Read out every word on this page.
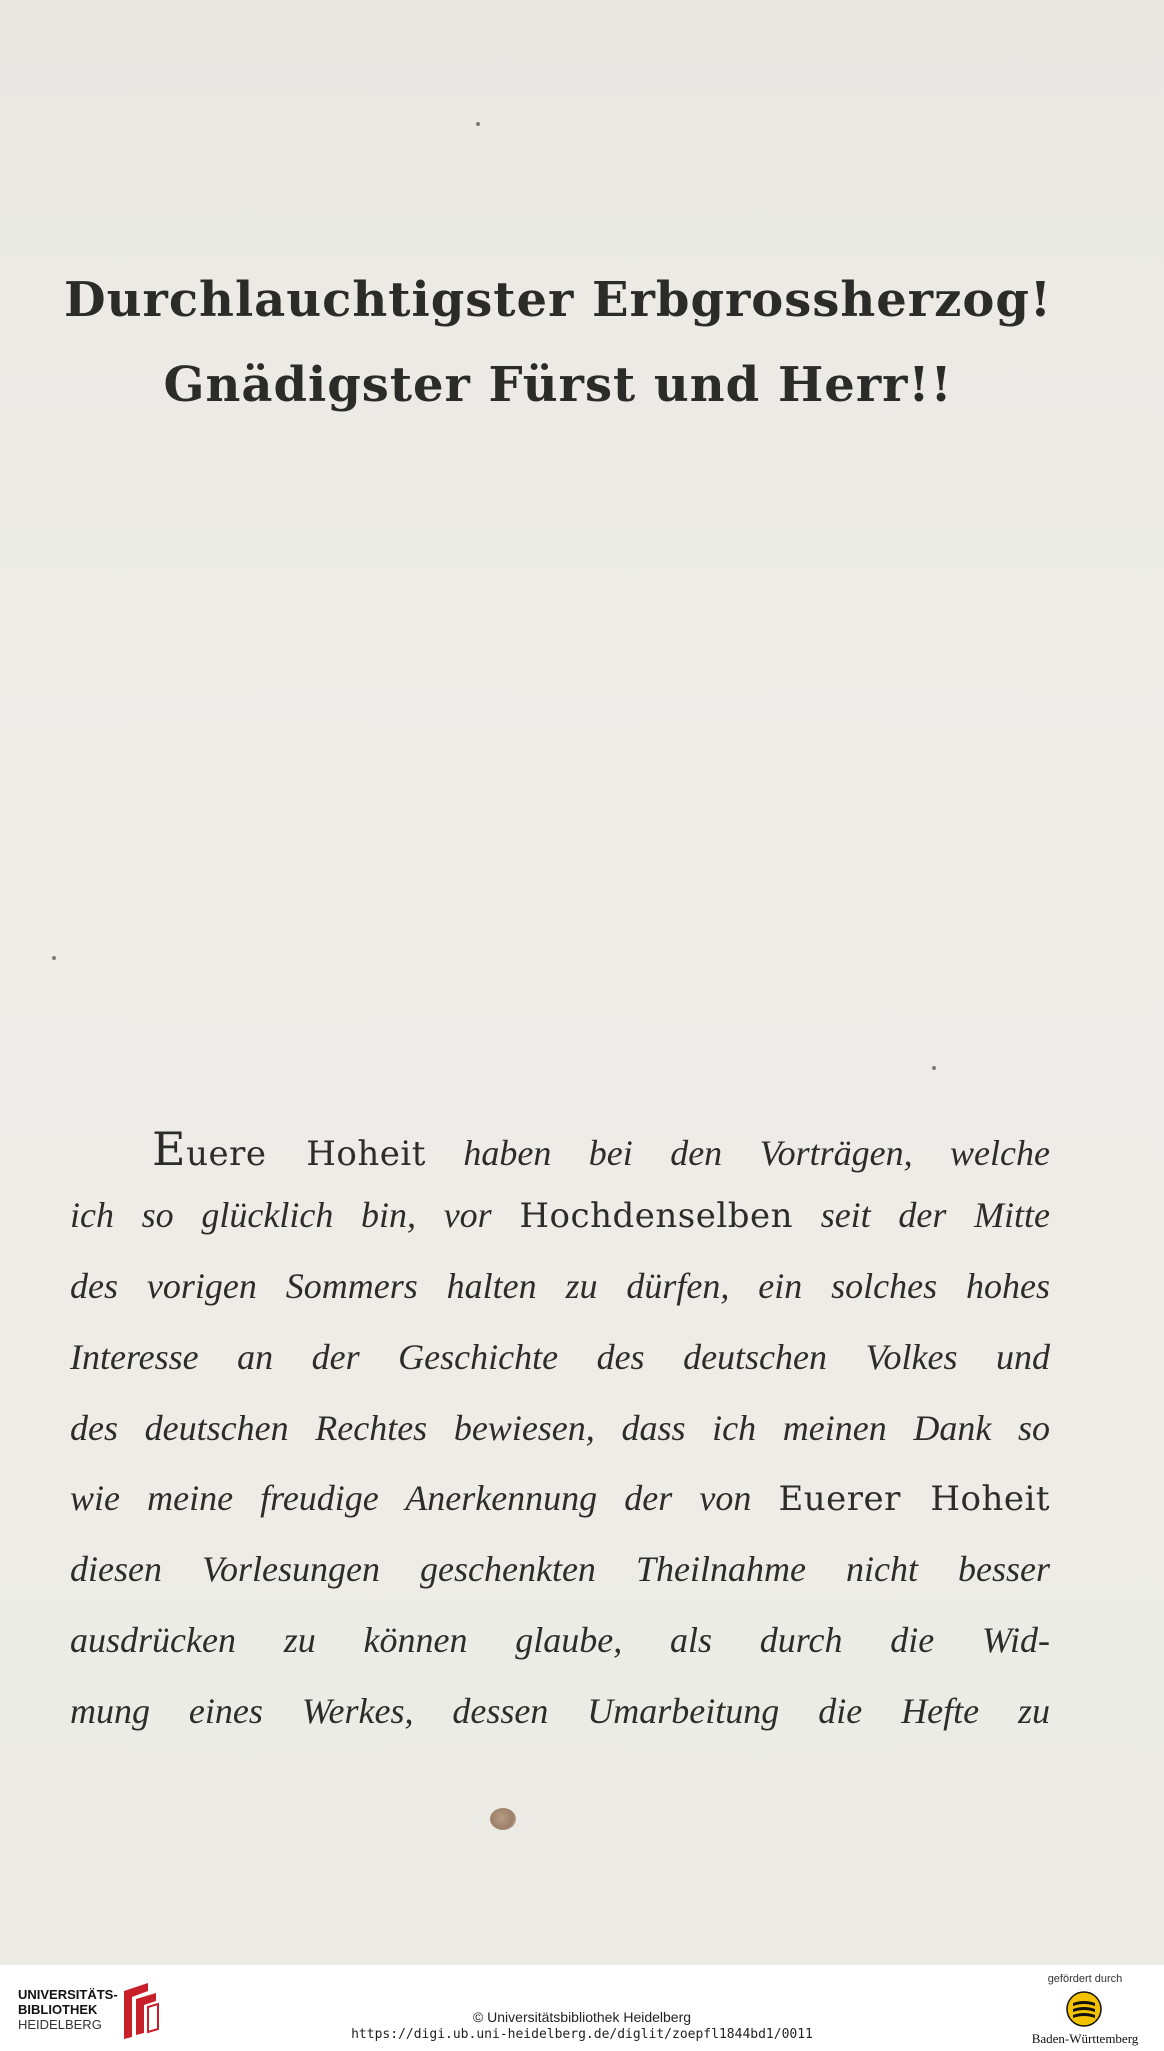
Durchlauchtigster Erbgrossherzog!
Gnädigster Fürst und Herr!!
Euere Hoheit haben bei den Vorträgen, welche
ich so glücklich bin, vor Hochdenselben seit der Mitte
des vorigen Sommers halten zu dürfen, ein solches hohes
Interesse an der Geschichte des deutschen Volkes und
des deutschen Rechtes bewiesen, dass ich meinen Dank so
wie meine freudige Anerkennung der von Euerer Hoheit
diesen Vorlesungen geschenkten Theilnahme nicht besser
ausdrücken zu können glaube, als durch die Wid-
mung eines Werkes, dessen Umarbeitung die Hefte zu
UNIVERSITÄTS-
BIBLIOTHEK
HEIDELBERG	© Universitätsbibliothek Heidelberg
https://digi.ub.uni-heidelberg.de/diglit/zoepfl1844bd1/0011
gefördert durch
Baden-Württemberg
